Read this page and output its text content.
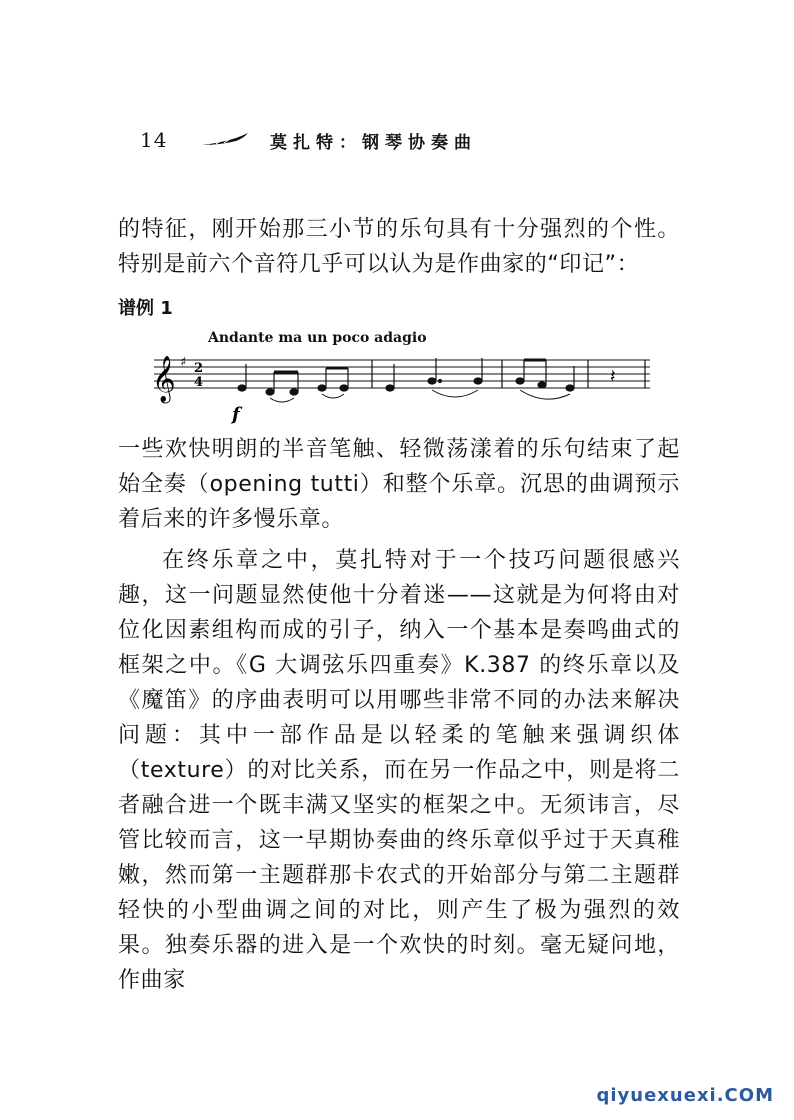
14	莫扎特：钢琴协奏曲

的特征，刚开始那三小节的乐句具有十分强烈的个性。特别是前六个音符几乎可以认为是作曲家的“印记”：

谱例 1
Andante ma un poco adagio
𝄞 ♯ 2
4	𝄽
f

一些欢快明朗的半音笔触、轻微荡漾着的乐句结束了起始全奏（opening tutti）和整个乐章。沉思的曲调预示着后来的许多慢乐章。

在终乐章之中，莫扎特对于一个技巧问题很感兴趣，这一问题显然使他十分着迷——这就是为何将由对位化因素组构而成的引子，纳入一个基本是奏鸣曲式的框架之中。《G 大调弦乐四重奏》K.387 的终乐章以及《魔笛》的序曲表明可以用哪些非常不同的办法来解决问题：其中一部作品是以轻柔的笔触来强调织体（texture）的对比关系，而在另一作品之中，则是将二者融合进一个既丰满又坚实的框架之中。无须讳言，尽管比较而言，这一早期协奏曲的终乐章似乎过于天真稚嫩，然而第一主题群那卡农式的开始部分与第二主题群轻快的小型曲调之间的对比，则产生了极为强烈的效果。独奏乐器的进入是一个欢快的时刻。毫无疑问地，作曲家

qiyuexuexi.COM
